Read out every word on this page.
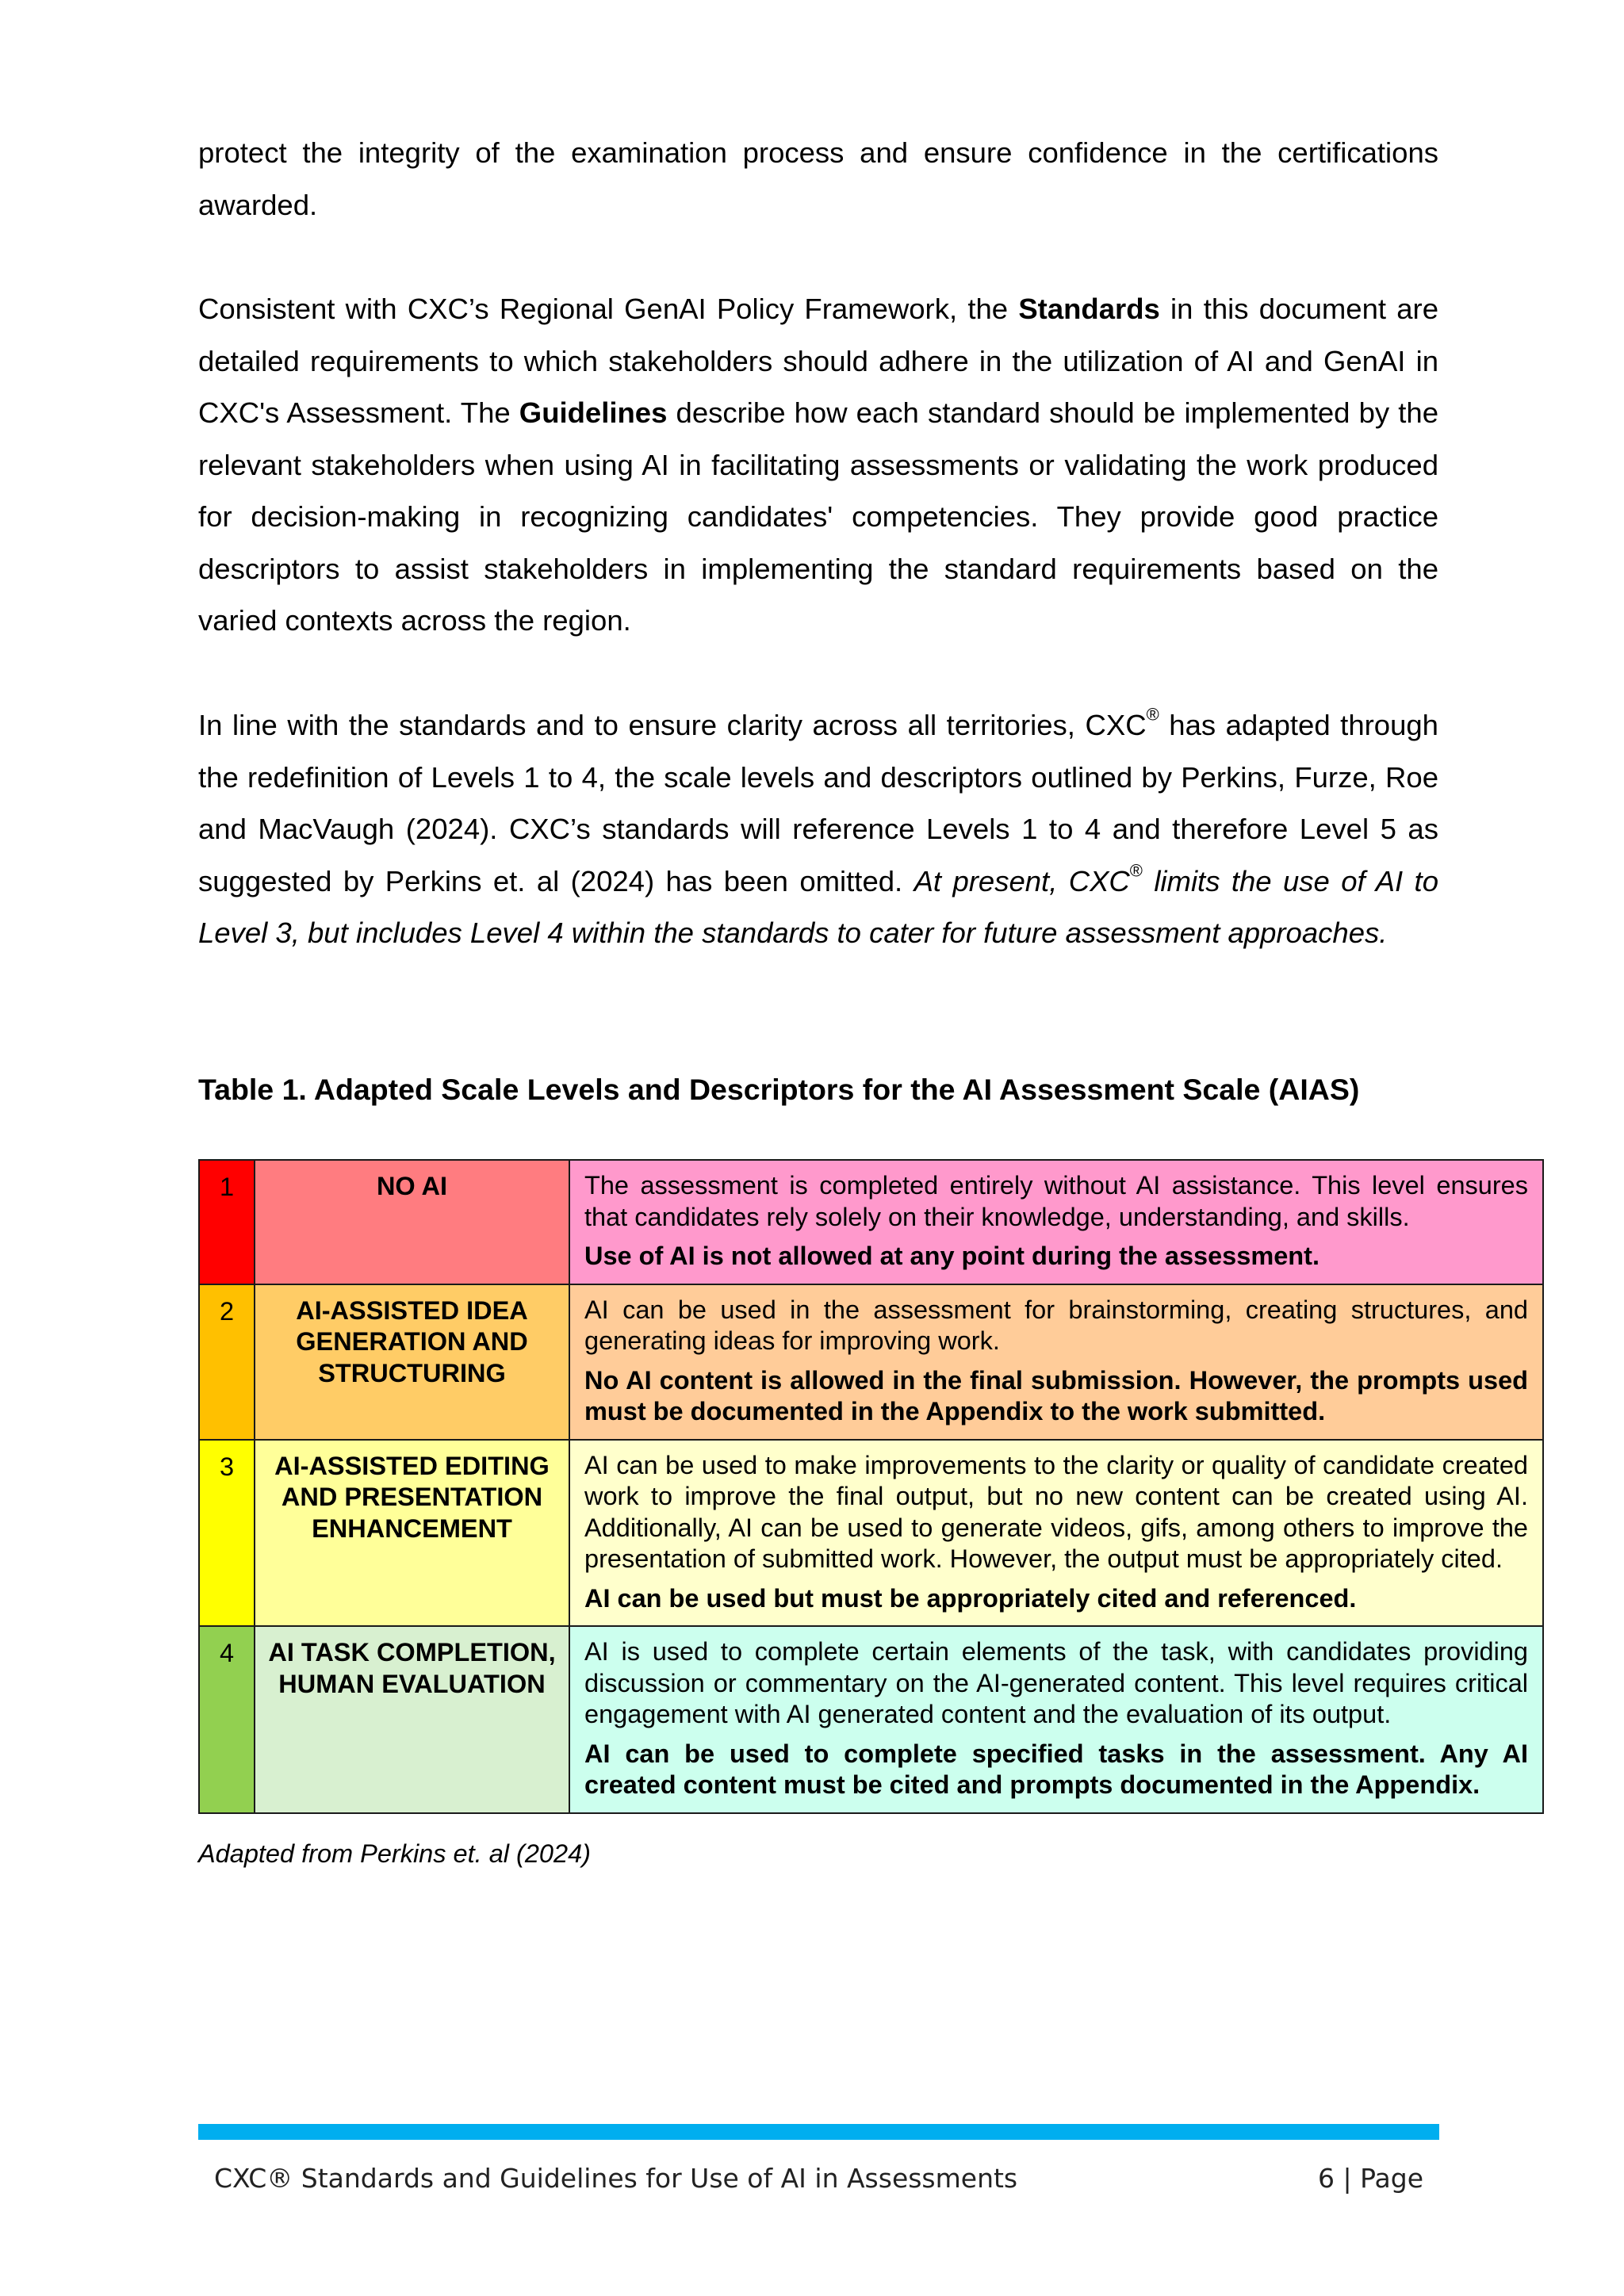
protect the integrity of the examination process and ensure confidence in the certifications awarded.

Consistent with CXC’s Regional GenAI Policy Framework, the Standards in this document are detailed requirements to which stakeholders should adhere in the utilization of AI and GenAI in CXC's Assessment. The Guidelines describe how each standard should be implemented by the relevant stakeholders when using AI in facilitating assessments or validating the work produced for decision-making in recognizing candidates' competencies. They provide good practice descriptors to assist stakeholders in implementing the standard requirements based on the varied contexts across the region.

In line with the standards and to ensure clarity across all territories, CXC® has adapted through the redefinition of Levels 1 to 4, the scale levels and descriptors outlined by Perkins, Furze, Roe and MacVaugh (2024). CXC’s standards will reference Levels 1 to 4 and therefore Level 5 as suggested by Perkins et. al (2024) has been omitted. At present, CXC® limits the use of AI to Level 3, but includes Level 4 within the standards to cater for future assessment approaches.

Table 1. Adapted Scale Levels and Descriptors for the AI Assessment Scale (AIAS)

1	NO AI	The assessment is completed entirely without AI assistance. This level ensures that candidates rely solely on their knowledge, understanding, and skills.
Use of AI is not allowed at any point during the assessment.

2	AI-ASSISTED IDEA GENERATION AND STRUCTURING	AI can be used in the assessment for brainstorming, creating structures, and generating ideas for improving work.
No AI content is allowed in the final submission. However, the prompts used must be documented in the Appendix to the work submitted.

3	AI-ASSISTED EDITING AND PRESENTATION ENHANCEMENT	AI can be used to make improvements to the clarity or quality of candidate created work to improve the final output, but no new content can be created using AI. Additionally, AI can be used to generate videos, gifs, among others to improve the presentation of submitted work. However, the output must be appropriately cited.
AI can be used but must be appropriately cited and referenced.

4	AI TASK COMPLETION, HUMAN EVALUATION	AI is used to complete certain elements of the task, with candidates providing discussion or commentary on the AI-generated content. This level requires critical engagement with AI generated content and the evaluation of its output.
AI can be used to complete specified tasks in the assessment. Any AI created content must be cited and prompts documented in the Appendix.

Adapted from Perkins et. al (2024)

CXC® Standards and Guidelines for Use of AI in Assessments	6 | Page
